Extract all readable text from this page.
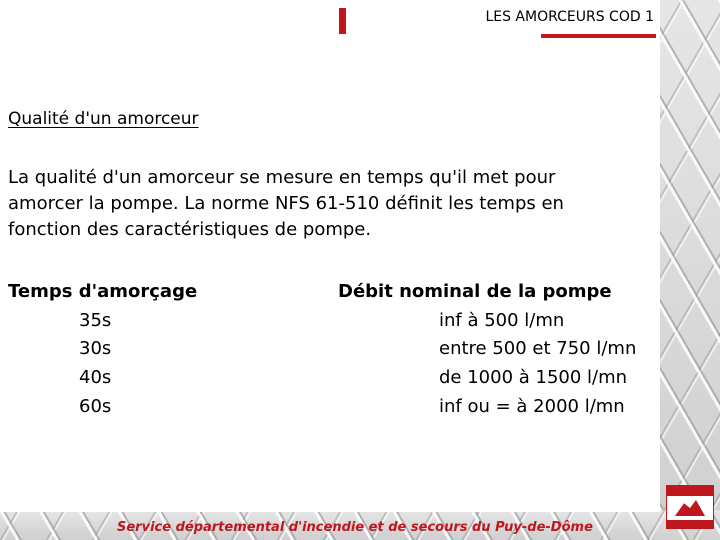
LES AMORCEURS COD 1
Qualité d'un amorceur
La qualité d'un amorceur se mesure en temps qu'il met pour amorcer la pompe. La norme NFS 61-510 définit les temps en fonction des caractéristiques de pompe.
Temps d'amorçage	Débit nominal de la pompe
35s
30s
40s
60s
inf à 500 l/mn
entre 500 et 750 l/mn
de 1000 à 1500 l/mn
inf ou = à 2000 l/mn
Service départemental d'incendie et de secours du Puy-de-Dôme
